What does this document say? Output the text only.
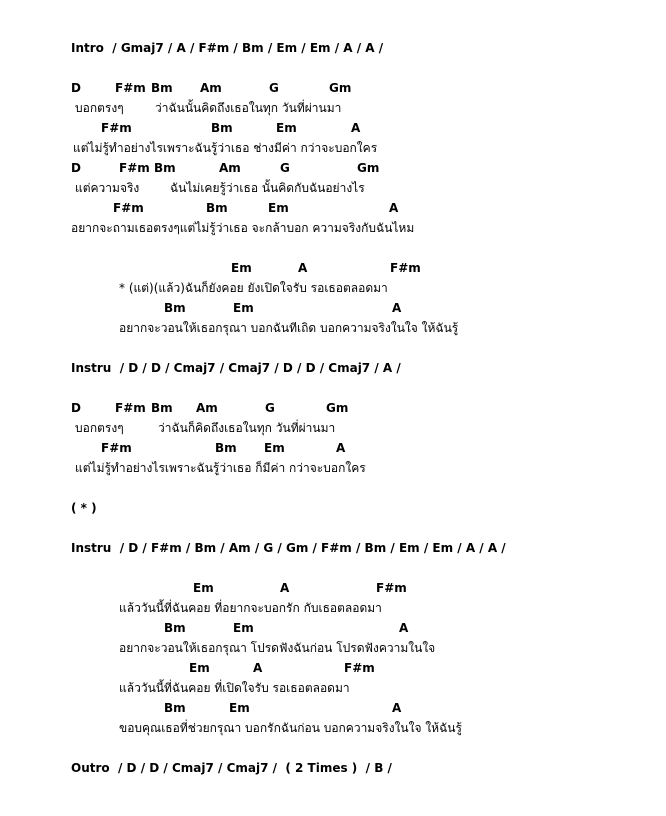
Intro  / Gmaj7 / A / F#m / Bm / Em / Em / A / A /
D	F#m Bm Am	G	Gm
บอกตรงๆ	ว่าฉันนั้นคิดถึงเธอในทุก วันที่ผ่านมา
F#m	Bm	Em	A
แต่ไม่รู้ทำอย่างไรเพราะฉันรู้ว่าเธอ ช่างมีค่า กว่าจะบอกใคร
D	F#m Bm	Am	G	Gm
แต่ความจริง	ฉันไม่เคยรู้ว่าเธอ นั้นคิดกับฉันอย่างไร
F#m	Bm	Em	A
อยากจะถามเธอตรงๆแต่ไม่รู้ว่าเธอ จะกล้าบอก ความจริงกับฉันไหม
Em	A	F#m
* (แต่)(แล้ว)ฉันก็ยังคอย ยังเปิดใจรับ รอเธอตลอดมา
Bm	Em	A
อยากจะวอนให้เธอกรุณา บอกฉันทีเถิด บอกความจริงในใจ ให้ฉันรู้
Instru  / D / D / Cmaj7 / Cmaj7 / D / D / Cmaj7 / A /
D	F#m Bm Am	G	Gm
บอกตรงๆ	ว่าฉันก็คิดถึงเธอในทุก วันที่ผ่านมา
F#m	Bm Em	A
แต่ไม่รู้ทำอย่างไรเพราะฉันรู้ว่าเธอ ก็มีค่า กว่าจะบอกใคร
( * )
Instru  / D / F#m / Bm / Am / G / Gm / F#m / Bm / Em / Em / A / A /
Em	A	F#m
แล้ววันนี้ที่ฉันคอย ที่อยากจะบอกรัก กับเธอตลอดมา
Bm	Em	A
อยากจะวอนให้เธอกรุณา โปรดฟังฉันก่อน โปรดฟังความในใจ
Em	A	F#m
แล้ววันนี้ที่ฉันคอย ที่เปิดใจรับ รอเธอตลอดมา
Bm	Em	A
ขอบคุณเธอที่ช่วยกรุณา บอกรักฉันก่อน บอกความจริงในใจ ให้ฉันรู้
Outro  / D / D / Cmaj7 / Cmaj7 /  ( 2 Times )  / B /
